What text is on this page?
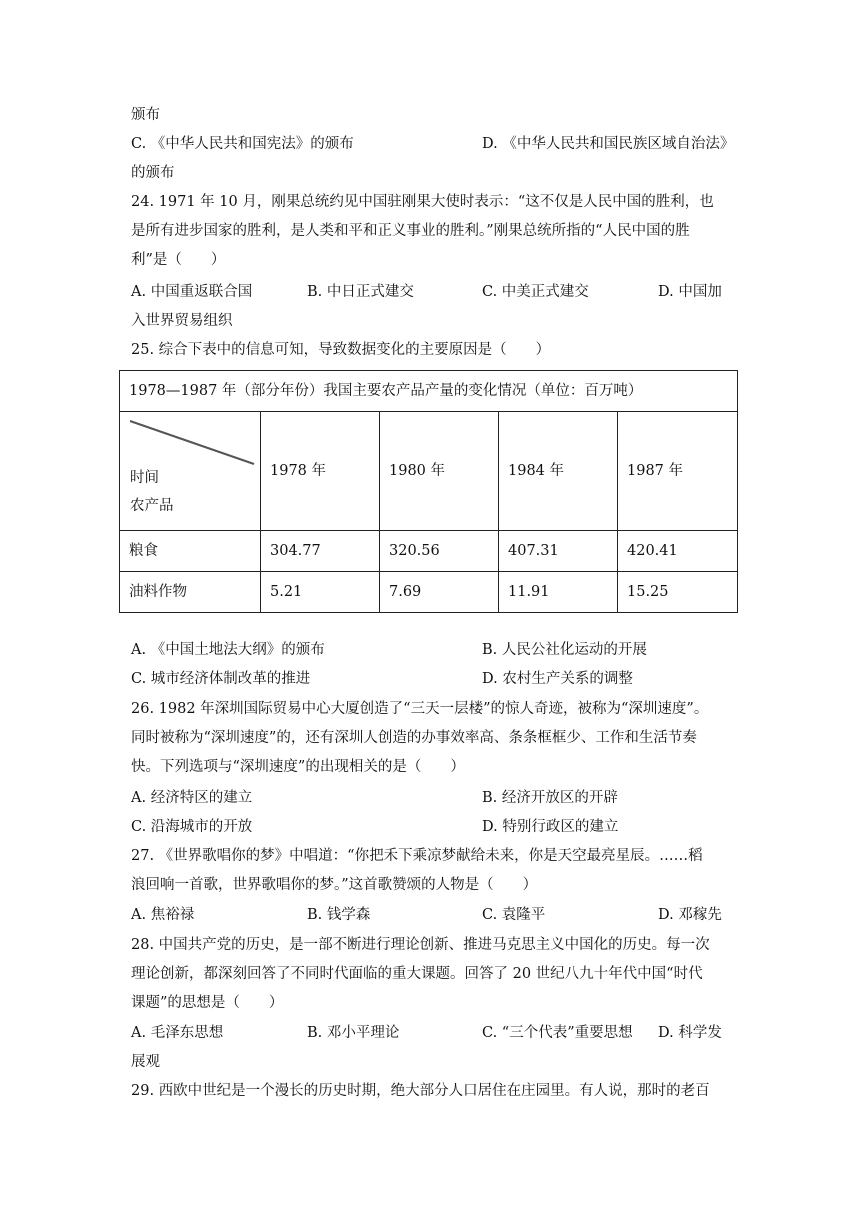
颁布
C. 《中华人民共和国宪法》的颁布	D. 《中华人民共和国民族区域自治法》
的颁布
24. 1971 年 10 月，刚果总统约见中国驻刚果大使时表示：“这不仅是人民中国的胜利，也
是所有进步国家的胜利，是人类和平和正义事业的胜利。”刚果总统所指的“人民中国的胜
利”是（　　）
A. 中国重返联合国	B. 中日正式建交	C. 中美正式建交	D. 中国加
入世界贸易组织
25. 综合下表中的信息可知，导致数据变化的主要原因是（　　）
1978—1987 年（部分年份）我国主要农产品产量的变化情况（单位：百万吨）				

时间
农产品	1978 年	1980 年	1984 年	1987 年
粮食	304.77	320.56	407.31	420.41
油料作物	5.21	7.69	11.91	15.25
A. 《中国土地法大纲》的颁布	B. 人民公社化运动的开展
C. 城市经济体制改革的推进	D. 农村生产关系的调整
26. 1982 年深圳国际贸易中心大厦创造了“三天一层楼”的惊人奇迹，被称为“深圳速度”。
同时被称为“深圳速度”的，还有深圳人创造的办事效率高、条条框框少、工作和生活节奏
快。下列选项与“深圳速度”的出现相关的是（　　）
A. 经济特区的建立	B. 经济开放区的开辟
C. 沿海城市的开放	D. 特别行政区的建立
27. 《世界歌唱你的梦》中唱道：“你把禾下乘凉梦献给未来，你是天空最亮星辰。……稻
浪回响一首歌，世界歌唱你的梦。”这首歌赞颂的人物是（　　）
A. 焦裕禄	B. 钱学森	C. 袁隆平	D. 邓稼先
28. 中国共产党的历史，是一部不断进行理论创新、推进马克思主义中国化的历史。每一次
理论创新，都深刻回答了不同时代面临的重大课题。回答了 20 世纪八九十年代中国“时代
课题”的思想是（　　）
A. 毛泽东思想	B. 邓小平理论	C. “三个代表”重要思想 D. 科学发
展观
29. 西欧中世纪是一个漫长的历史时期，绝大部分人口居住在庄园里。有人说，那时的老百
